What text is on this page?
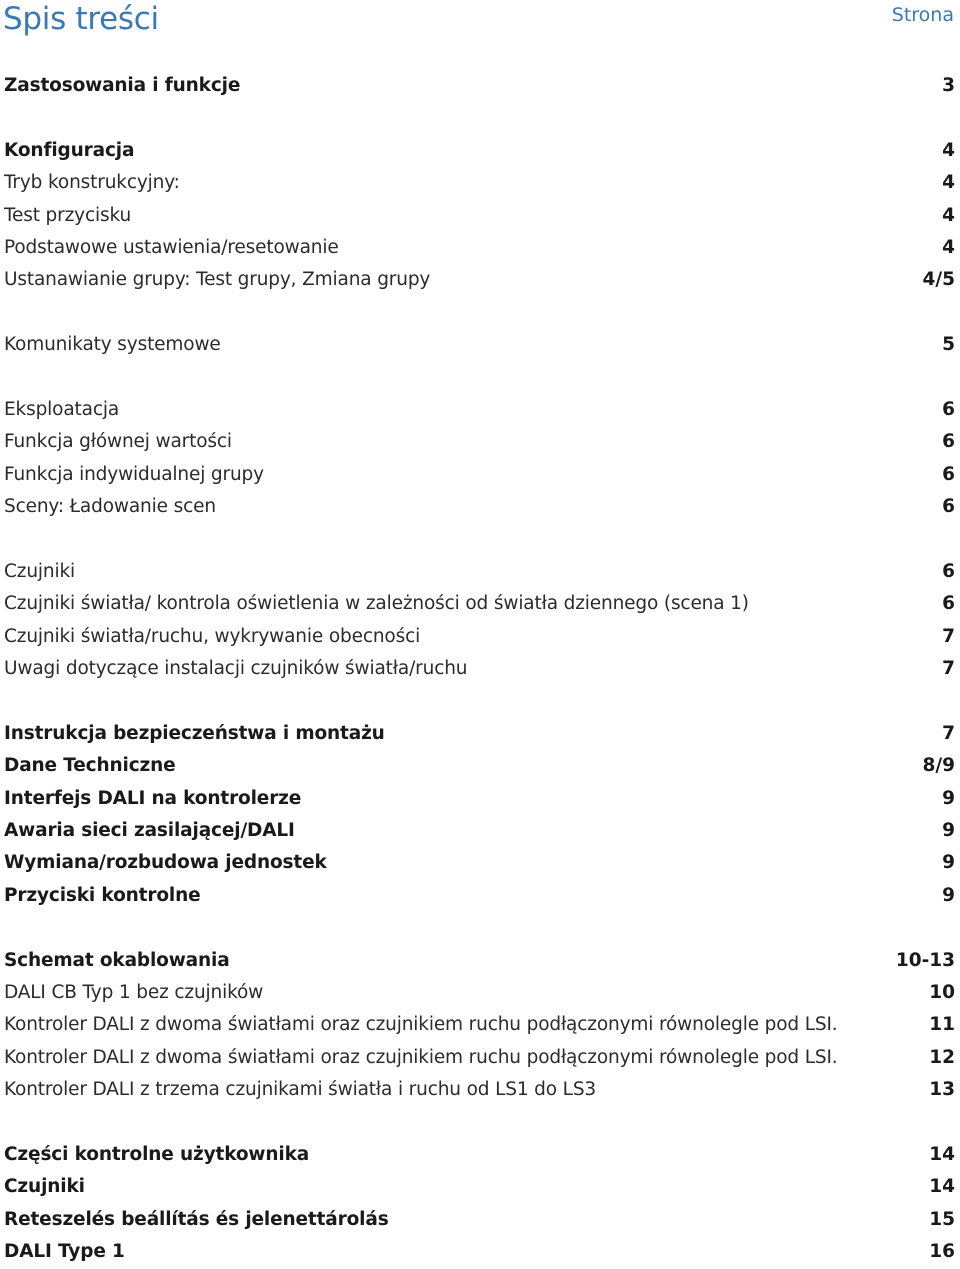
Spis treści	Strona
Zastosowania i funkcje	3
Konfiguracja	4
Tryb konstrukcyjny:	4
Test przycisku	4
Podstawowe ustawienia/resetowanie	4
Ustanawianie grupy: Test grupy, Zmiana grupy	4/5
Komunikaty systemowe	5
Eksploatacja	6
Funkcja głównej wartości	6
Funkcja indywidualnej grupy	6
Sceny: Ładowanie scen	6
Czujniki	6
Czujniki światła/ kontrola oświetlenia w zależności od światła dziennego (scena 1)	6
Czujniki światła/ruchu, wykrywanie obecności	7
Uwagi dotyczące instalacji czujników światła/ruchu	7
Instrukcja bezpieczeństwa i montażu	7
Dane Techniczne	8/9
Interfejs DALI na kontrolerze	9
Awaria sieci zasilającej/DALI	9
Wymiana/rozbudowa jednostek	9
Przyciski kontrolne	9
Schemat okablowania	10-13
DALI CB Typ 1 bez czujników	10
Kontroler DALI z dwoma światłami oraz czujnikiem ruchu podłączonymi równolegle pod LSI.	11
Kontroler DALI z dwoma światłami oraz czujnikiem ruchu podłączonymi równolegle pod LSI.	12
Kontroler DALI z trzema czujnikami światła i ruchu od LS1 do LS3	13
Części kontrolne użytkownika	14
Czujniki	14
Reteszelés beállítás és jelenettárolás	15
DALI Type 1	16
